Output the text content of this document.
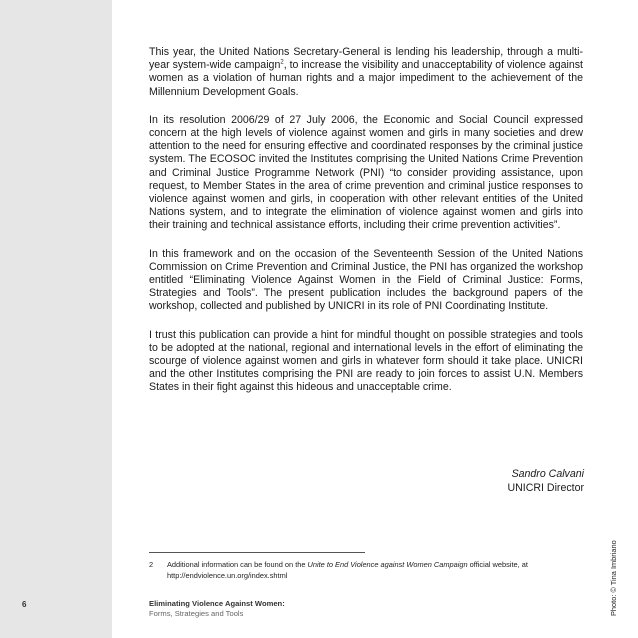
6

This year, the United Nations Secretary-General is lending his leadership, through a multi-year system-wide campaign$^2$, to increase the visibility and unacceptability of violence against women as a violation of human rights and a major impediment to the achievement of the Millennium Development Goals.

In its resolution 2006/29 of 27 July 2006, the Economic and Social Council expressed concern at the high levels of violence against women and girls in many societies and drew attention to the need for ensuring effective and coordinated responses by the criminal justice system. The ECOSOC invited the Institutes comprising the United Nations Crime Prevention and Criminal Justice Programme Network (PNI) “to consider providing assistance, upon request, to Member States in the area of crime prevention and criminal justice responses to violence against women and girls, in cooperation with other relevant entities of the United Nations system, and to integrate the elimination of violence against women and girls into their training and technical assistance efforts, including their crime prevention activities”.

In this framework and on the occasion of the Seventeenth Session of the United Nations Commission on Crime Prevention and Criminal Justice, the PNI has organized the workshop entitled “Eliminating Violence Against Women in the Field of Criminal Justice: Forms, Strategies and Tools”. The present publication includes the background papers of the workshop, collected and published by UNICRI in its role of PNI Coordinating Institute.

I trust this publication can provide a hint for mindful thought on possible strategies and tools to be adopted at the national, regional and international levels in the effort of eliminating the scourge of violence against women and girls in whatever form should it take place. UNICRI and the other Institutes comprising the PNI are ready to join forces to assist U.N. Members States in their fight against this hideous and unacceptable crime.

Sandro Calvani
UNICRI Director
Photo: © Tina Imbriano
2	Additional information can be found on the Unite to End Violence against Women Campaign official website, at http://endviolence.un.org/index.shtml
Eliminating Violence Against Women:
Forms, Strategies and Tools
